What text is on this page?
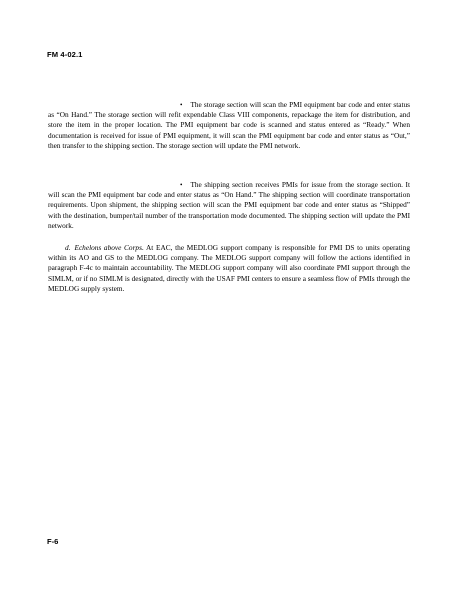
FM 4-02.1

• The storage section will scan the PMI equipment bar code and enter status as “On Hand.” The storage section will refit expendable Class VIII components, repackage the item for distribution, and store the item in the proper location. The PMI equipment bar code is scanned and status entered as “Ready.” When documentation is received for issue of PMI equipment, it will scan the PMI equipment bar code and enter status as “Out,” then transfer to the shipping section. The storage section will update the PMI network.

• The shipping section receives PMIs for issue from the storage section. It will scan the PMI equipment bar code and enter status as “On Hand.” The shipping section will coordinate transportation requirements. Upon shipment, the shipping section will scan the PMI equipment bar code and enter status as “Shipped” with the destination, bumper/tail number of the transportation mode documented. The shipping section will update the PMI network.

d. Echelons above Corps. At EAC, the MEDLOG support company is responsible for PMI DS to units operating within its AO and GS to the MEDLOG company. The MEDLOG support company will follow the actions identified in paragraph F-4c to maintain accountability. The MEDLOG support company will also coordinate PMI support through the SIMLM, or if no SIMLM is designated, directly with the USAF PMI centers to ensure a seamless flow of PMIs through the MEDLOG supply system.

F-6
